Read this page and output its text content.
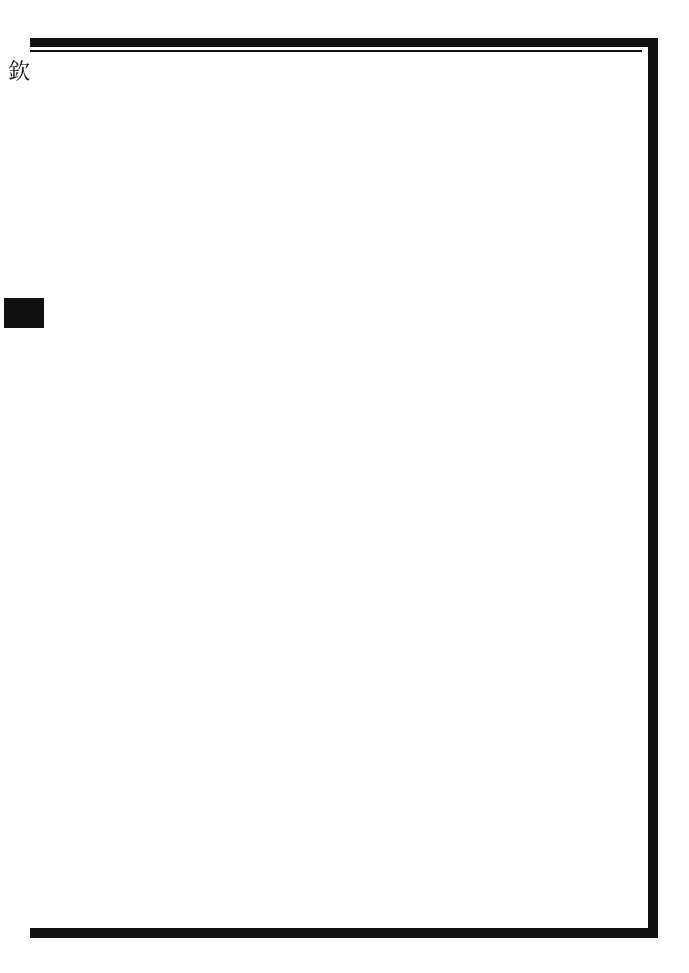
欽
